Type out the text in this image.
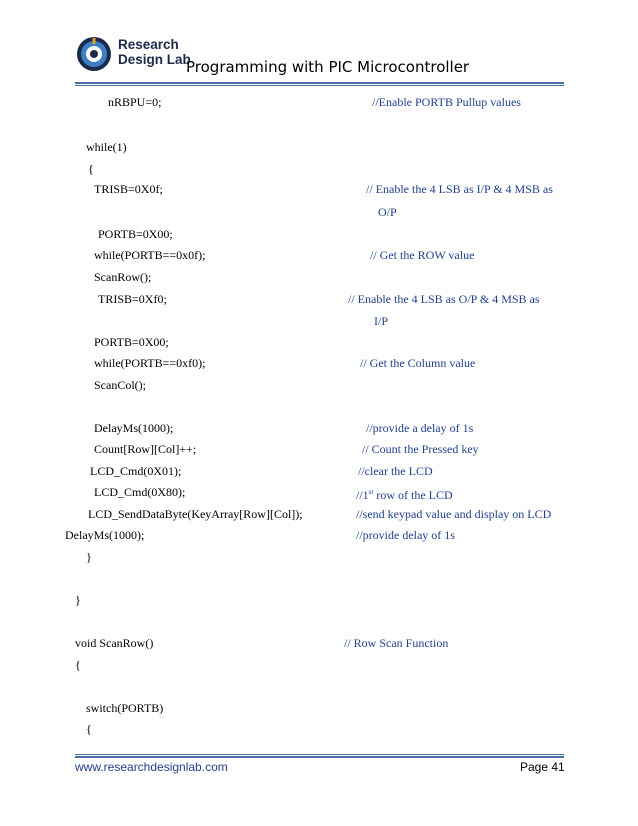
Research
Design Lab
Programming with PIC Microcontroller
nRBPU=0;	//Enable PORTB Pullup values
while(1)
{
TRISB=0X0f;	// Enable the 4 LSB as I/P & 4 MSB as
O/P
PORTB=0X00;
while(PORTB==0x0f);	// Get the ROW value
ScanRow();
TRISB=0Xf0;	// Enable the 4 LSB as O/P & 4 MSB as
I/P
PORTB=0X00;
while(PORTB==0xf0);	// Get the Column value
ScanCol();
DelayMs(1000);	//provide a delay of 1s
Count[Row][Col]++;	// Count the Pressed key
LCD_Cmd(0X01);	//clear the LCD
LCD_Cmd(0X80);	//1st row of the LCD
LCD_SendDataByte(KeyArray[Row][Col]);	//send keypad value and display on LCD
DelayMs(1000);	//provide delay of 1s
}
}
void ScanRow()	// Row Scan Function
{
switch(PORTB)
{
www.researchdesignlab.com	Page 41
